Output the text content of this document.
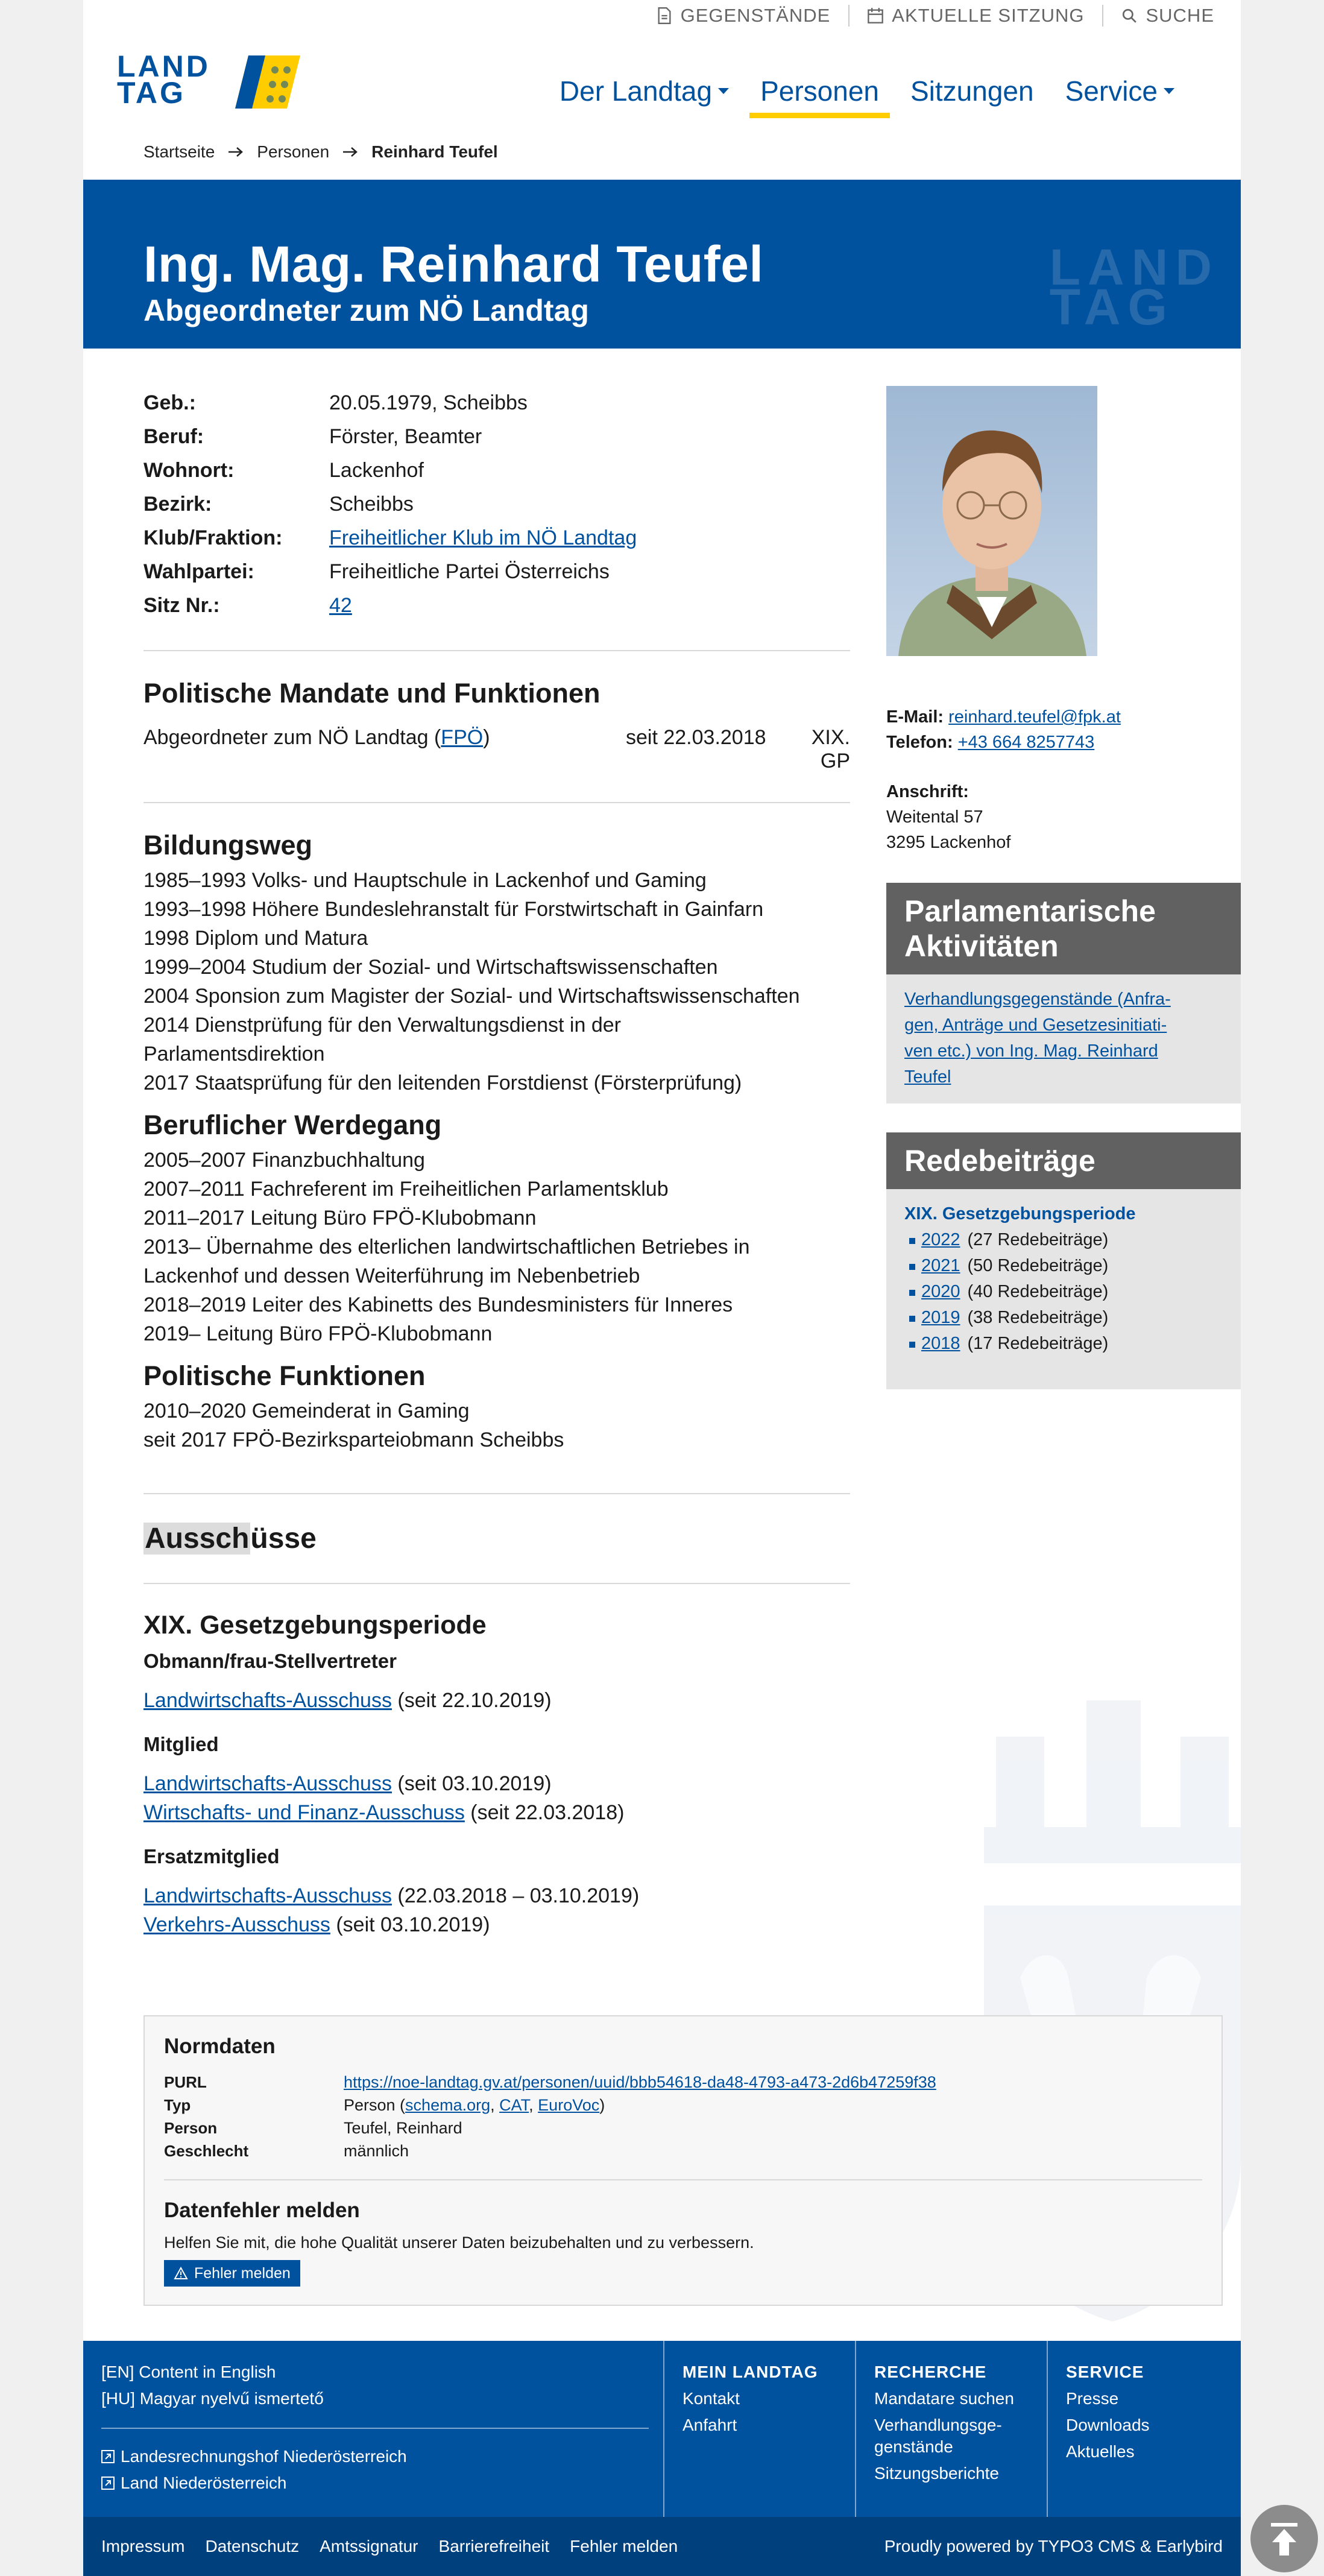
GEGENSTÄNDE	AKTUELLE SITZUNG	SUCHE
LAND
TAG	Der Landtag Personen Sitzungen Service
Startseite	Personen	Reinhard Teufel
Ing. Mag. Reinhard Teufel
Abgeordneter zum NÖ Landtag
LAND
TAG
Geb.:	20.05.1979, Scheibbs
Beruf:	Förster, Beamter
Wohnort:	Lackenhof
Bezirk:	Scheibbs
Klub/Fraktion:	Freiheitlicher Klub im NÖ Landtag
Wahlpartei:	Freiheitliche Partei Österreichs
Sitz Nr.:	42
Politische Mandate und Funktionen
Abgeordneter zum NÖ Landtag (FPÖ)	seit 22.03.2018	XIX. GP
Bildungsweg
1985–1993 Volks- und Hauptschule in Lackenhof und Gaming
1993–1998 Höhere Bundeslehranstalt für Forstwirtschaft in Gainfarn
1998 Diplom und Matura
1999–2004 Studium der Sozial- und Wirtschaftswissenschaften
2004 Sponsion zum Magister der Sozial- und Wirtschaftswissenschaften
2014 Dienstprüfung für den Verwaltungsdienst in der
Parlamentsdirektion
2017 Staatsprüfung für den leitenden Forstdienst (Försterprüfung)
Beruflicher Werdegang
2005–2007 Finanzbuchhaltung
2007–2011 Fachreferent im Freiheitlichen Parlamentsklub
2011–2017 Leitung Büro FPÖ-Klubobmann
2013– Übernahme des elterlichen landwirtschaftlichen Betriebes in
Lackenhof und dessen Weiterführung im Nebenbetrieb
2018–2019 Leiter des Kabinetts des Bundesministers für Inneres
2019– Leitung Büro FPÖ-Klubobmann
Politische Funktionen
2010–2020 Gemeinderat in Gaming
seit 2017 FPÖ-Bezirksparteiobmann Scheibbs
E-Mail: reinhard.teufel@fpk.at
Telefon: +43 664 8257743
Anschrift:
Weitental 57
3295 Lackenhof
Parlamentarische
Aktivitäten
Verhandlungsgegenstände (Anfra-
gen, Anträge und Gesetzesinitiati-
ven etc.) von Ing. Mag. Reinhard
Teufel
Redebeiträge
XIX. Gesetzgebungsperiode
2022 (27 Redebeiträge)
2021 (50 Redebeiträge)
2020 (40 Redebeiträge)
2019 (38 Redebeiträge)
2018 (17 Redebeiträge)
Ausschüsse
XIX. Gesetzgebungsperiode
Obmann/frau-Stellvertreter
Landwirtschafts-Ausschuss (seit 22.10.2019)
Mitglied
Landwirtschafts-Ausschuss (seit 03.10.2019)
Wirtschafts- und Finanz-Ausschuss (seit 22.03.2018)
Ersatzmitglied
Landwirtschafts-Ausschuss (22.03.2018 – 03.10.2019)
Verkehrs-Ausschuss (seit 03.10.2019)
Normdaten
PURL	https://noe-landtag.gv.at/personen/uuid/bbb54618-da48-4793-a473-2d6b47259f38
Typ	Person (schema.org, CAT, EuroVoc)
Person	Teufel, Reinhard
Geschlecht	männlich
Datenfehler melden
Helfen Sie mit, die hohe Qualität unserer Daten beizubehalten und zu verbessern.
Fehler melden
[EN] Content in English
[HU] Magyar nyelvű ismertető
Landesrechnungshof Niederösterreich
Land Niederösterreich
MEIN LANDTAG
Kontakt
Anfahrt
RECHERCHE
Mandatare suchen
Verhandlungsge-
genstände
Sitzungsberichte
SERVICE
Presse
Downloads
Aktuelles
Impressum Datenschutz Amtssignatur Barrierefreiheit Fehler melden	Proudly powered by TYPO3 CMS & Earlybird
